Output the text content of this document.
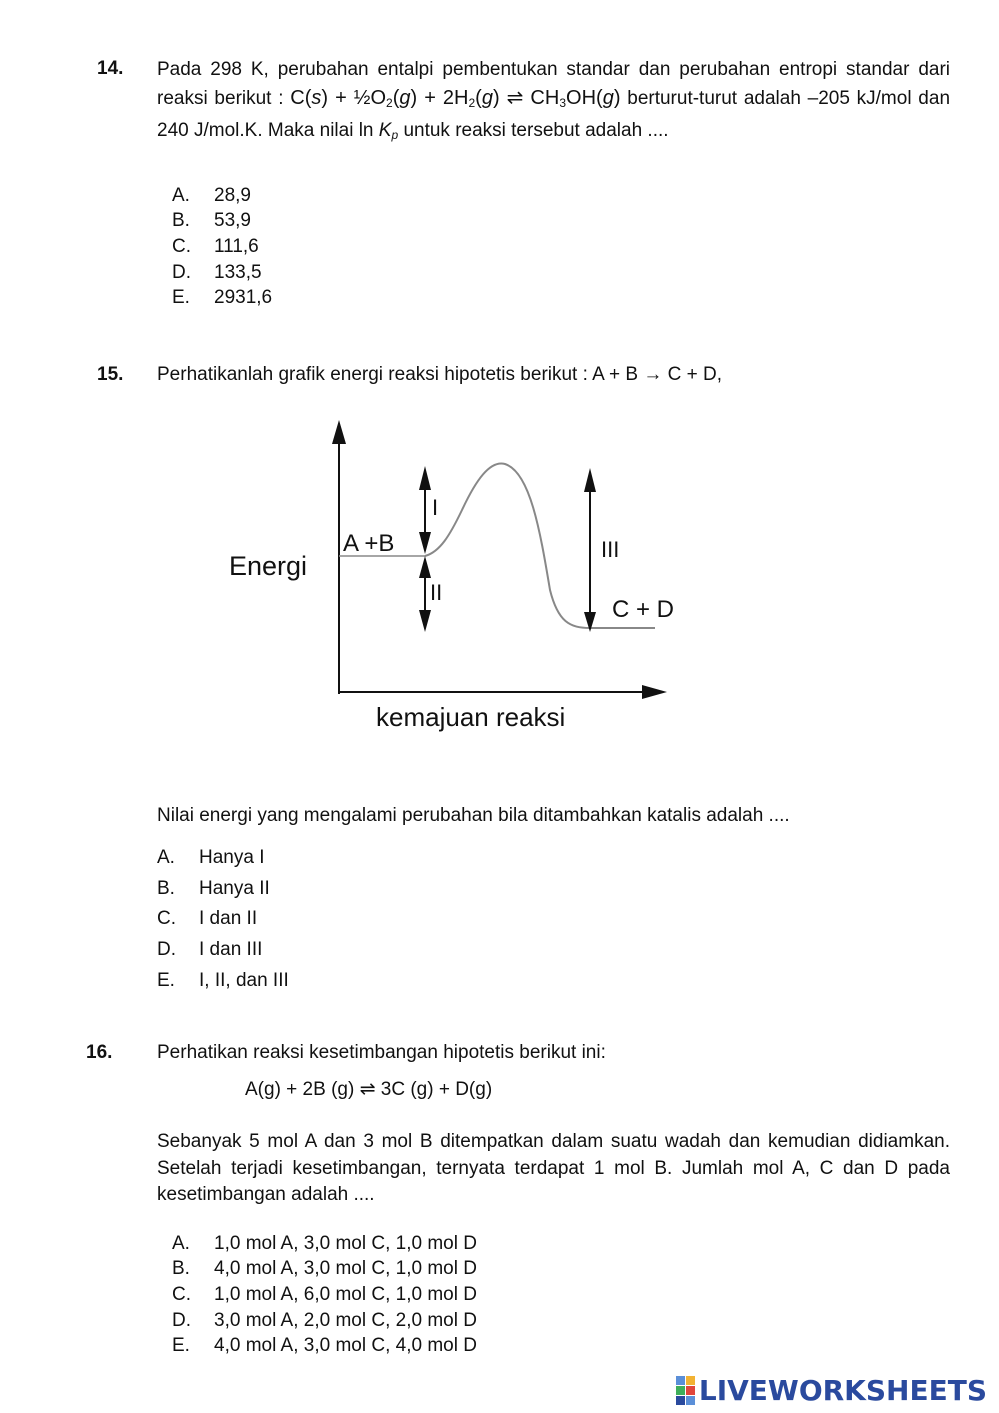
14. Pada 298 K, perubahan entalpi pembentukan standar dan perubahan entropi standar dari reaksi berikut : $C(s) + \frac{1}{2}O_2(g) + 2H_2(g)$ ⇌ $CH_3OH(g)$ berturut-turut adalah –205 kJ/mol dan 240 J/mol.K. Maka nilai $\ln K_p$ untuk reaksi tersebut adalah ....
A.	28,9
B.	53,9
C.	111,6
D.	133,5
E.	2931,6
15. Perhatikanlah grafik energi reaksi hipotetis berikut : A + B → C + D,
Energi
kemajuan reaksi
A +B
C + D
I
II
III
Nilai energi yang mengalami perubahan bila ditambahkan katalis adalah ....
A.	Hanya I
B.	Hanya II
C.	I dan II
D.	I dan III
E.	I, II, dan III
16. Perhatikan reaksi kesetimbangan hipotetis berikut ini:
A(g) + 2B (g) ⇌ 3C (g) + D(g)
Sebanyak 5 mol A dan 3 mol B ditempatkan dalam suatu wadah dan kemudian didiamkan. Setelah terjadi kesetimbangan, ternyata terdapat 1 mol B. Jumlah mol A, C dan D pada kesetimbangan adalah ....
A.	1,0 mol A, 3,0 mol C, 1,0 mol D
B.	4,0 mol A, 3,0 mol C, 1,0 mol D
C.	1,0 mol A, 6,0 mol C, 1,0 mol D
D.	3,0 mol A, 2,0 mol C, 2,0 mol D
E.	4,0 mol A, 3,0 mol C, 4,0 mol D
LIVEWORKSHEETS
